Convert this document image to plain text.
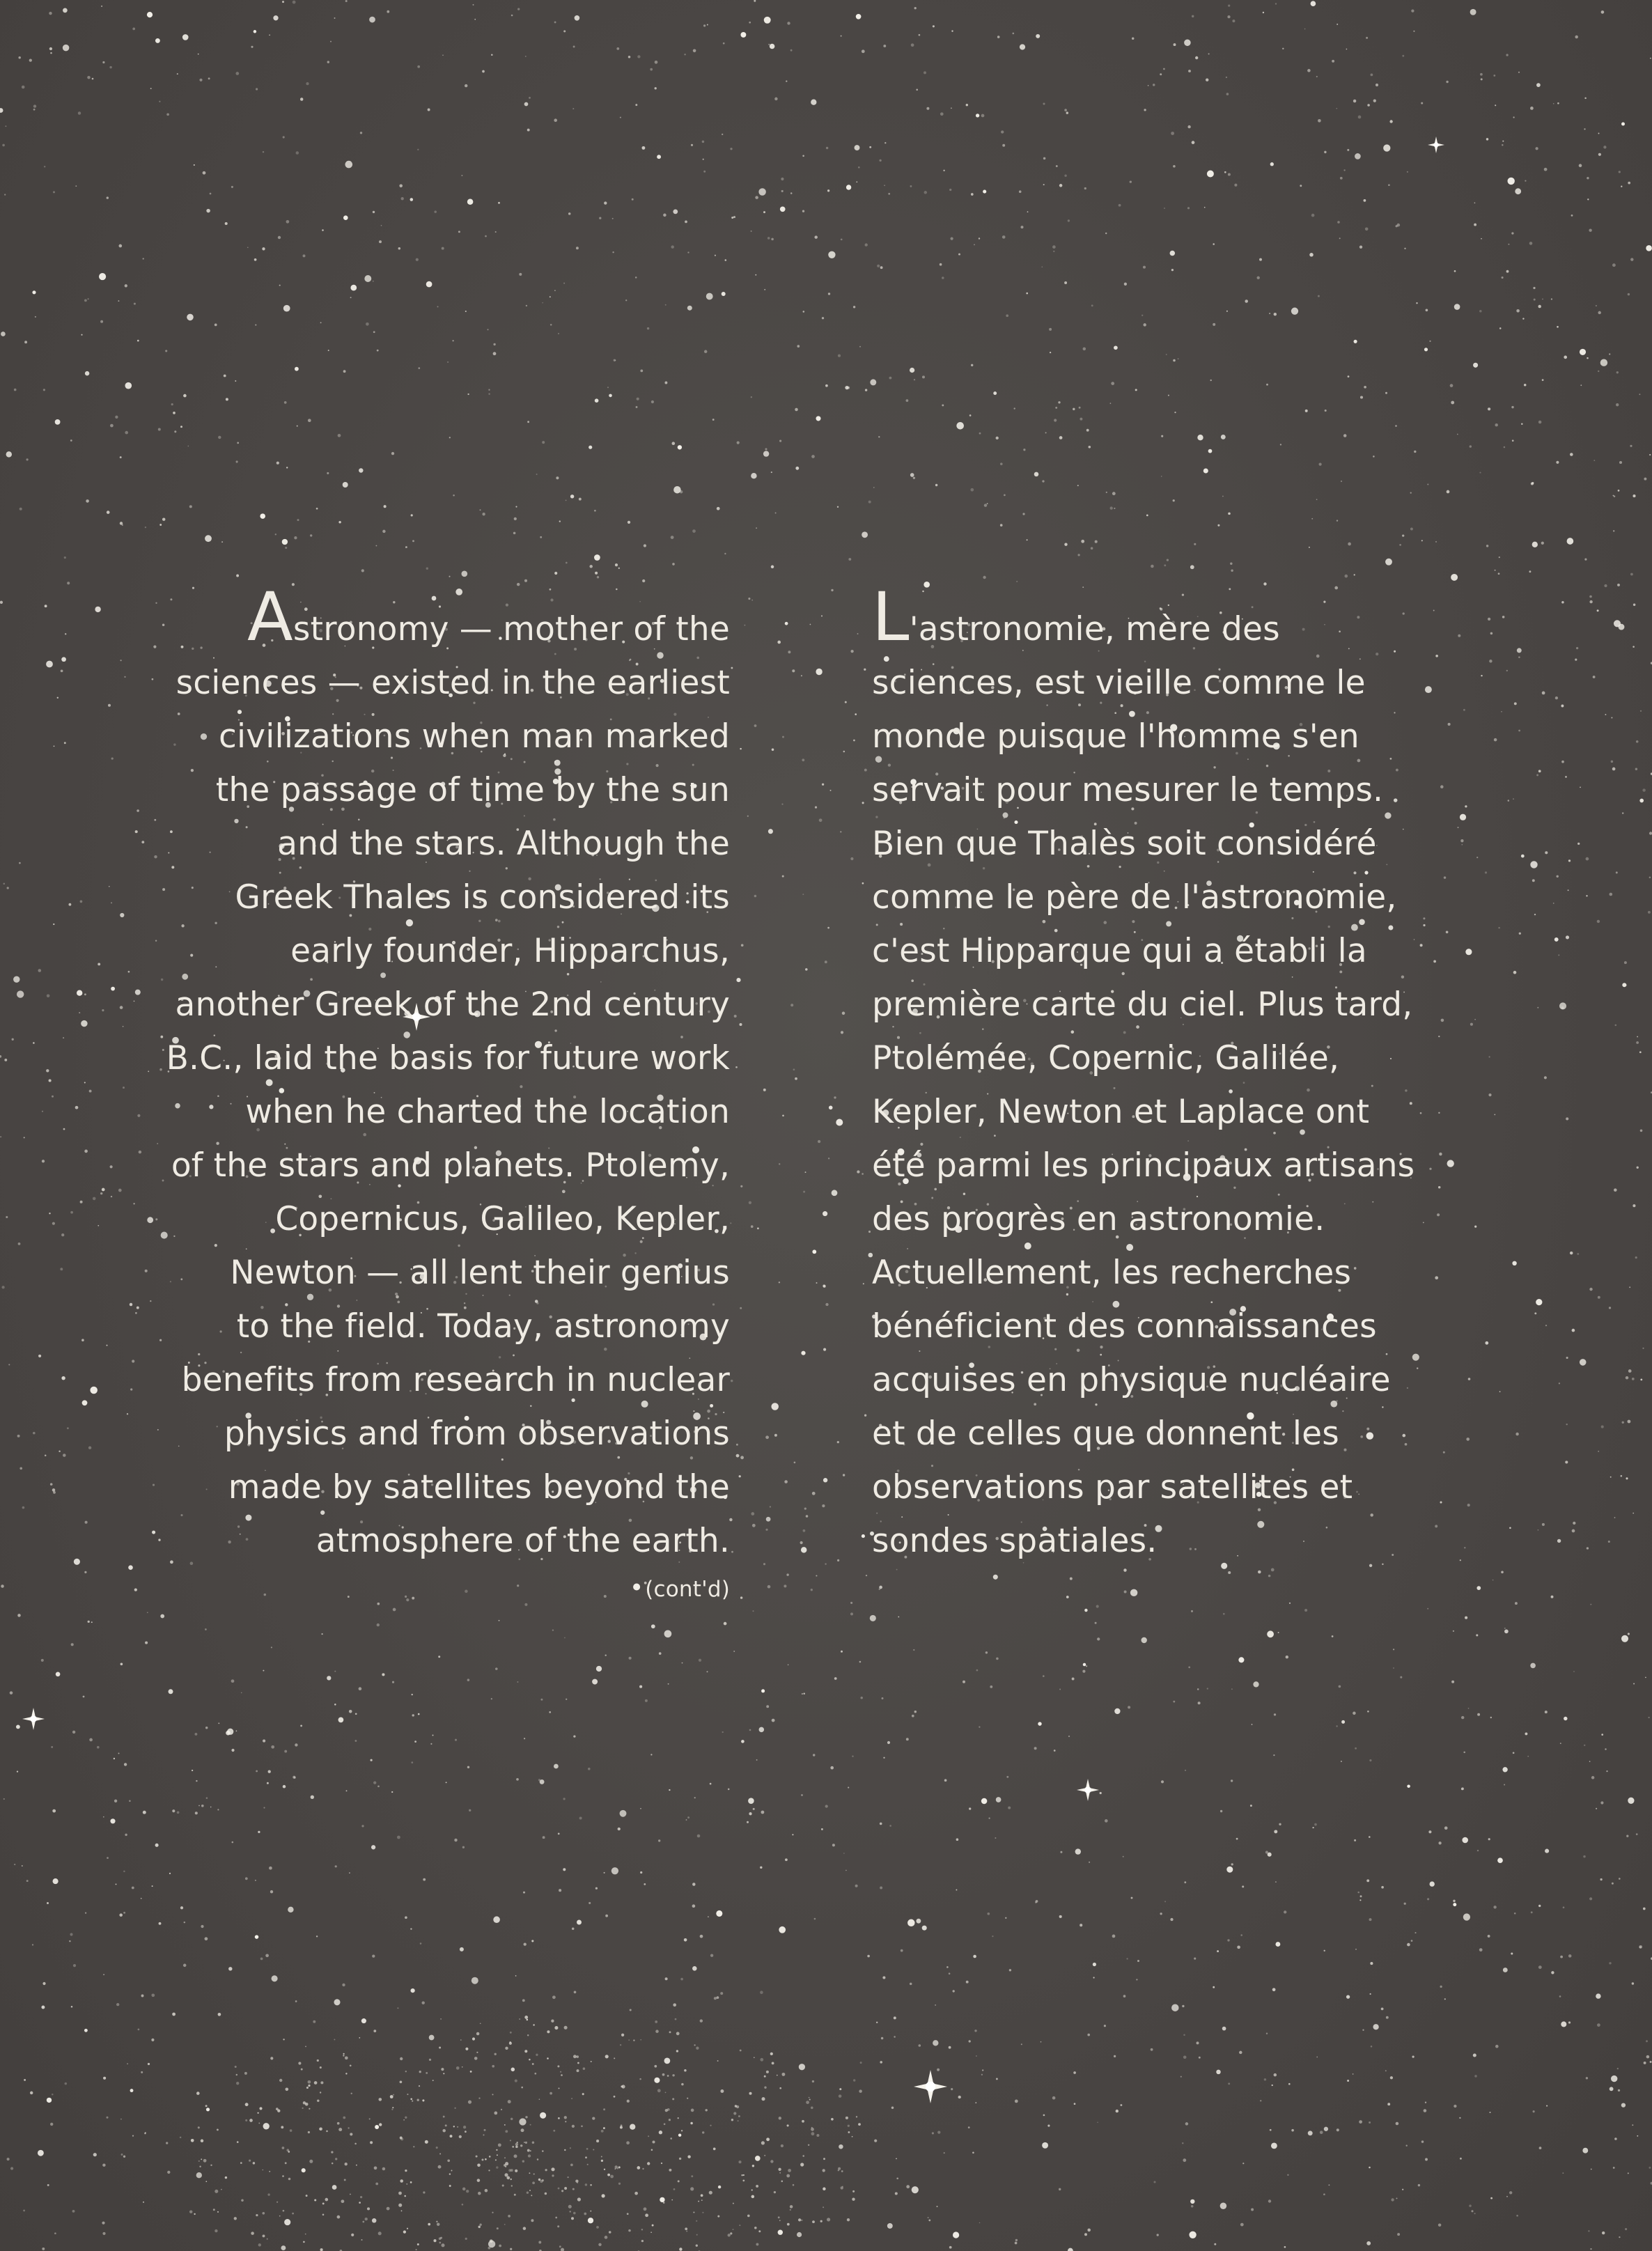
Astronomy — mother of the
sciences — existed in the earliest
civilizations when man marked
the passage of time by the sun
and the stars. Although the
Greek Thales is considered its
early founder, Hipparchus,
another Greek of the 2nd century
B.C., laid the basis for future work
when he charted the location
of the stars and planets. Ptolemy,
Copernicus, Galileo, Kepler,
Newton — all lent their genius
to the field. Today, astronomy
benefits from research in nuclear
physics and from observations
made by satellites beyond the
atmosphere of the earth.
(cont'd)
L'astronomie, mère des
sciences, est vieille comme le
monde puisque l'homme s'en
servait pour mesurer le temps.
Bien que Thalès soit considéré
comme le père de l'astronomie,
c'est Hipparque qui a établi la
première carte du ciel. Plus tard,
Ptolémée, Copernic, Galilée,
Kepler, Newton et Laplace ont
été parmi les principaux artisans
des progrès en astronomie.
Actuellement, les recherches
bénéficient des connaissances
acquises en physique nucléaire
et de celles que donnent les
observations par satellites et
sondes spatiales.
